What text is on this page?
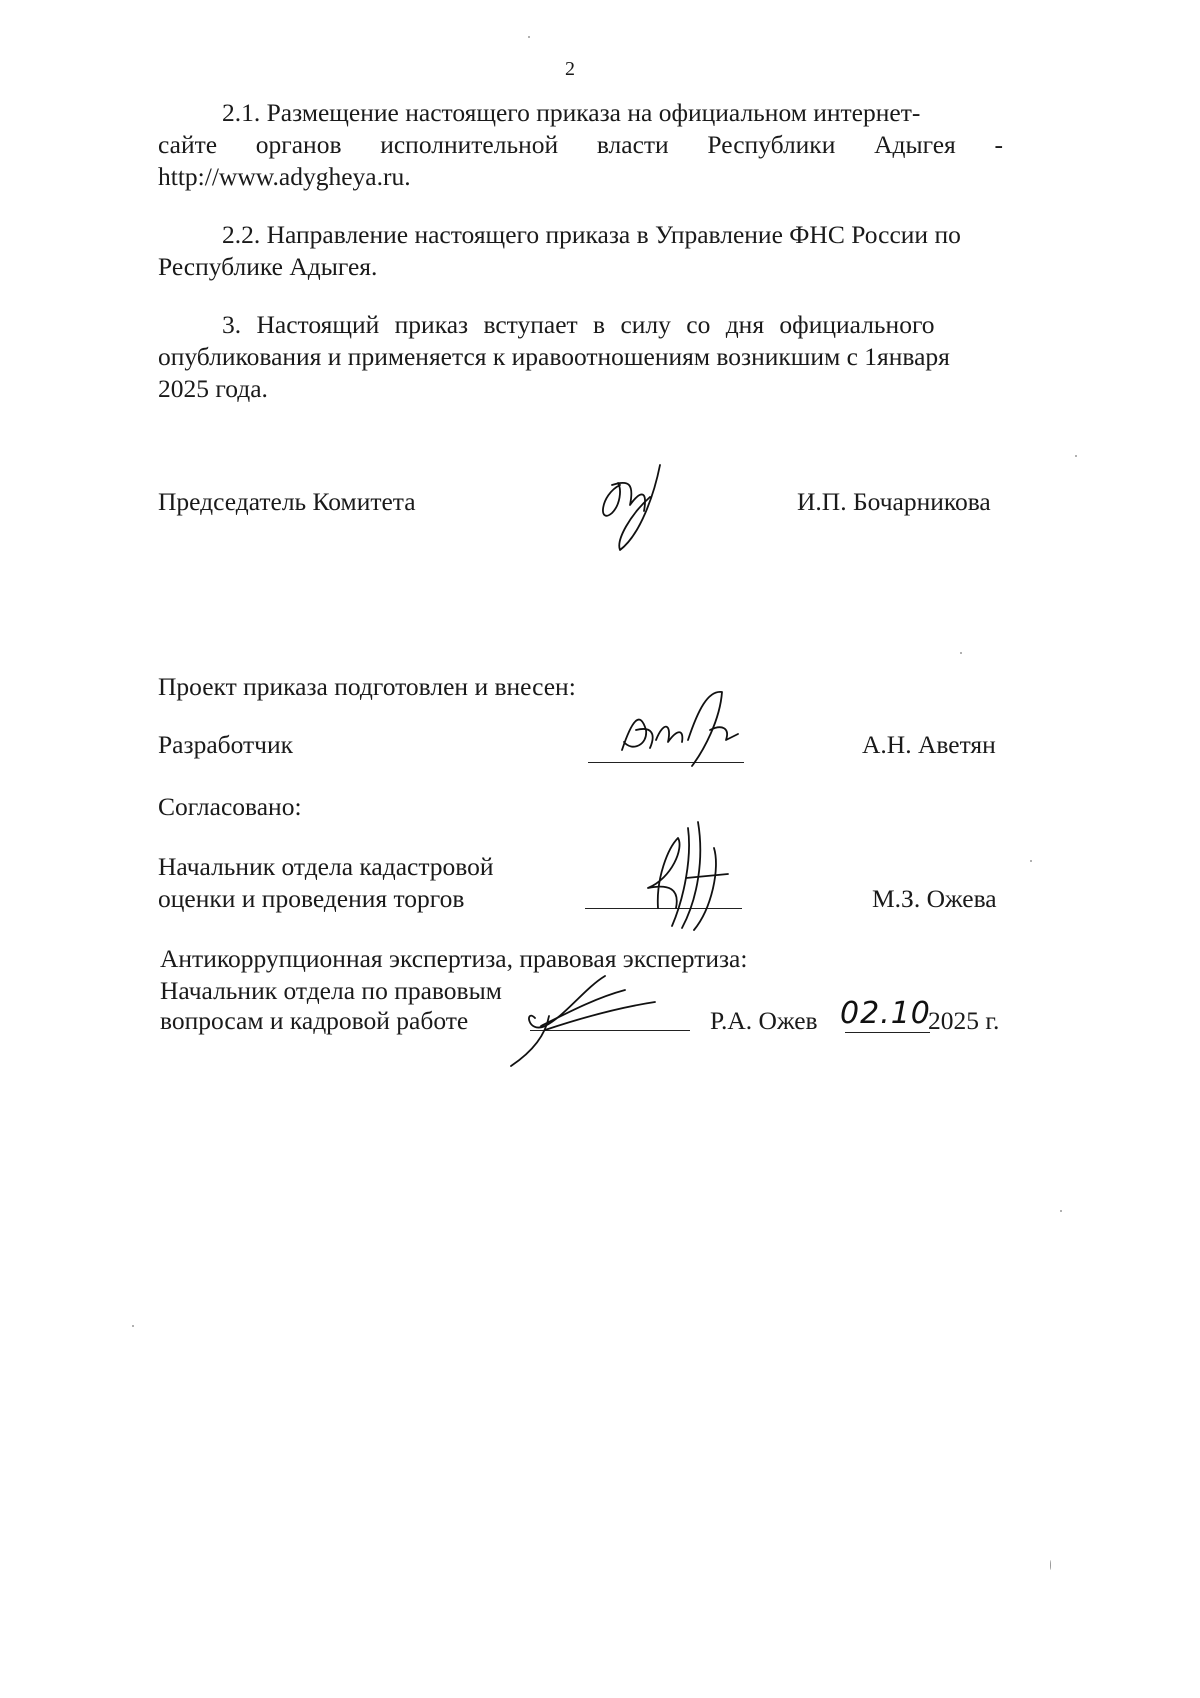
2
2.1. Размещение настоящего приказа на официальном интернет-
сайте органов исполнительной власти Республики Адыгея -
http://www.adygheya.ru.
2.2. Направление настоящего приказа в Управление ФНС России по
Республике Адыгея.
3. Настоящий приказ вступает в силу со дня официального
опубликования и применяется к иравоотношениям возникшим с 1января
2025 года.
Председатель Комитета	И.П. Бочарникова
Проект приказа подготовлен и внесен:
Разработчик	А.Н. Аветян
Согласовано:
Начальник отдела кадастровой
оценки и проведения торгов	М.З. Ожева
Антикоррупционная экспертиза, правовая экспертиза:
Начальник отдела по правовым
вопросам и кадровой работе	Р.А. Ожев 02.10
2025 г.
